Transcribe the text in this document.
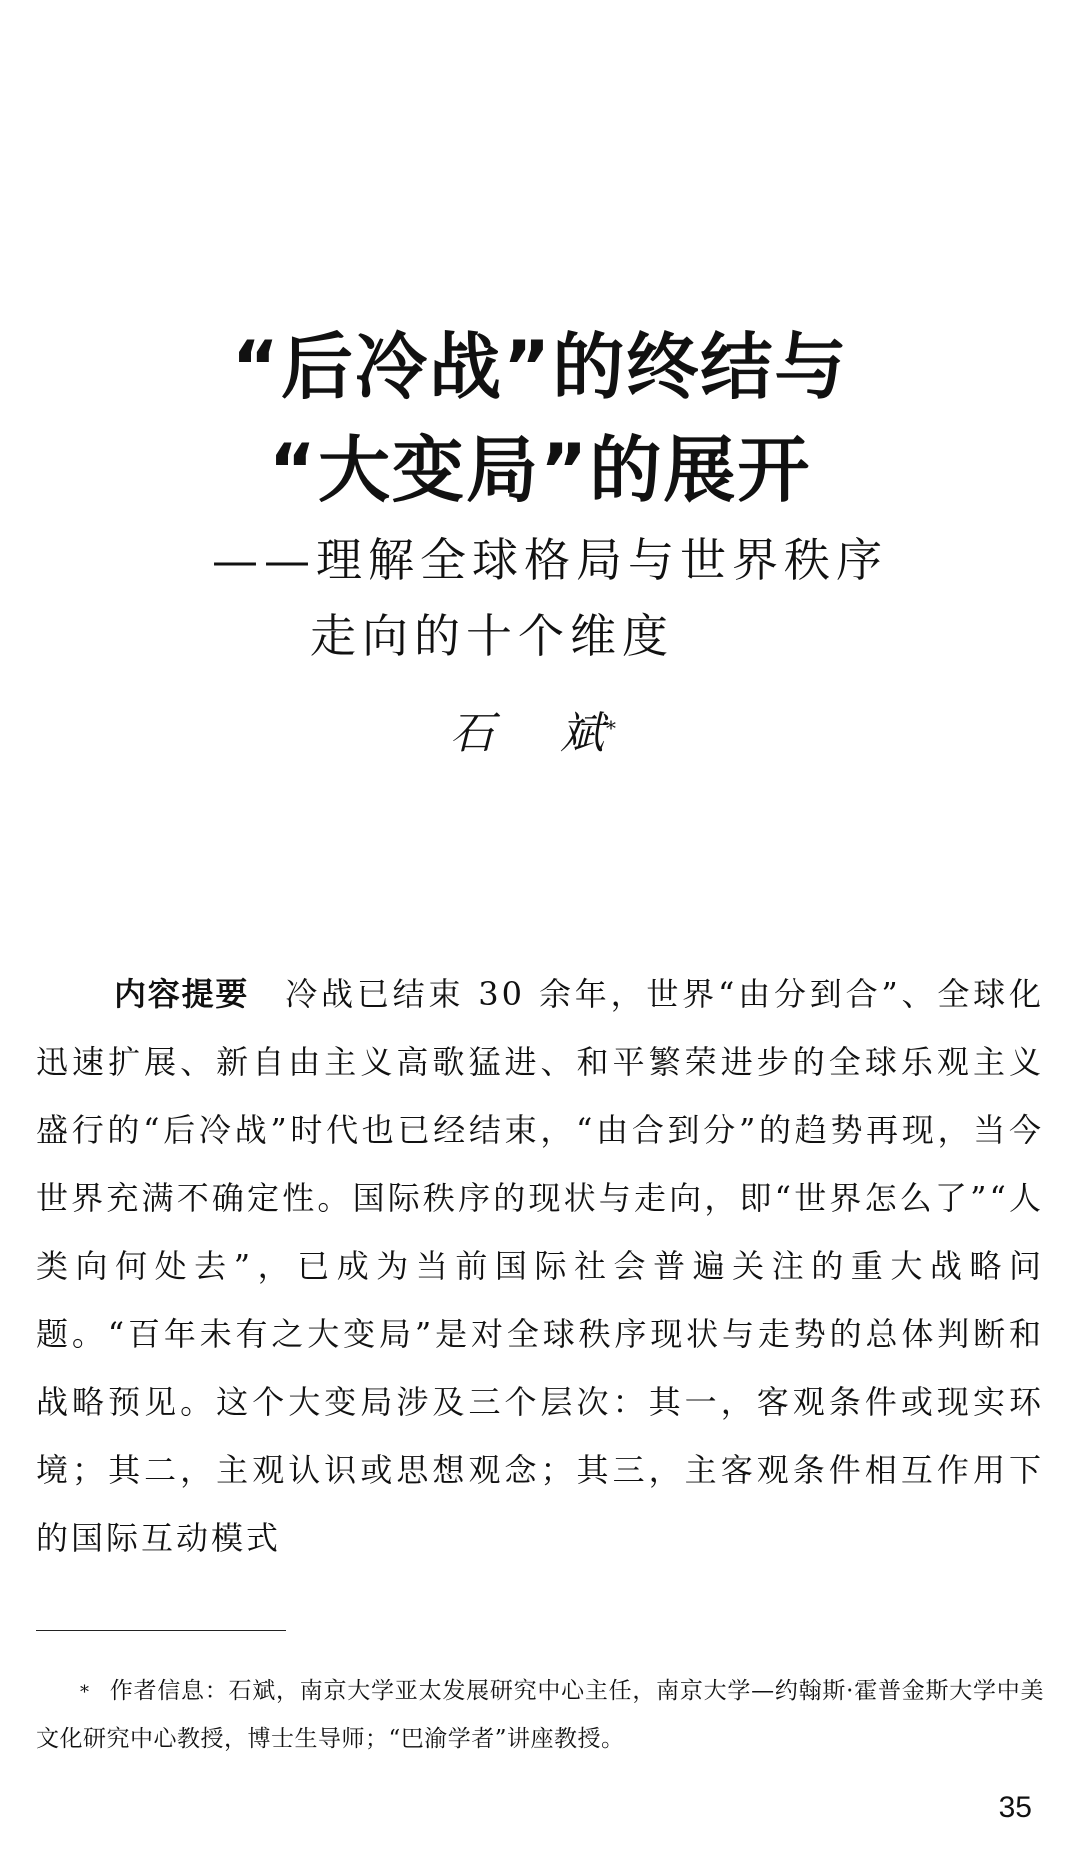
“后冷战”的终结与
“大变局”的展开
——理解全球格局与世界秩序
走向的十个维度
石 斌 *

内容提要 冷战已结束 30 余年，世界“由分到合”、全球化迅速扩展、新自由主义高歌猛进、和平繁荣进步的全球乐观主义盛行的“后冷战”时代也已经结束，“由合到分”的趋势再现，当今世界充满不确定性。国际秩序的现状与走向，即“世界怎么了”“人类向何处去”，已成为当前国际社会普遍关注的重大战略问题。“百年未有之大变局”是对全球秩序现状与走势的总体判断和战略预见。这个大变局涉及三个层次：其一，客观条件或现实环境；其二，主观认识或思想观念；其三，主客观条件相互作用下的国际互动模式

* 作者信息：石斌，南京大学亚太发展研究中心主任，南京大学—约翰斯·霍普金斯大学中美文化研究中心教授，博士生导师；“巴渝学者”讲座教授。

35
